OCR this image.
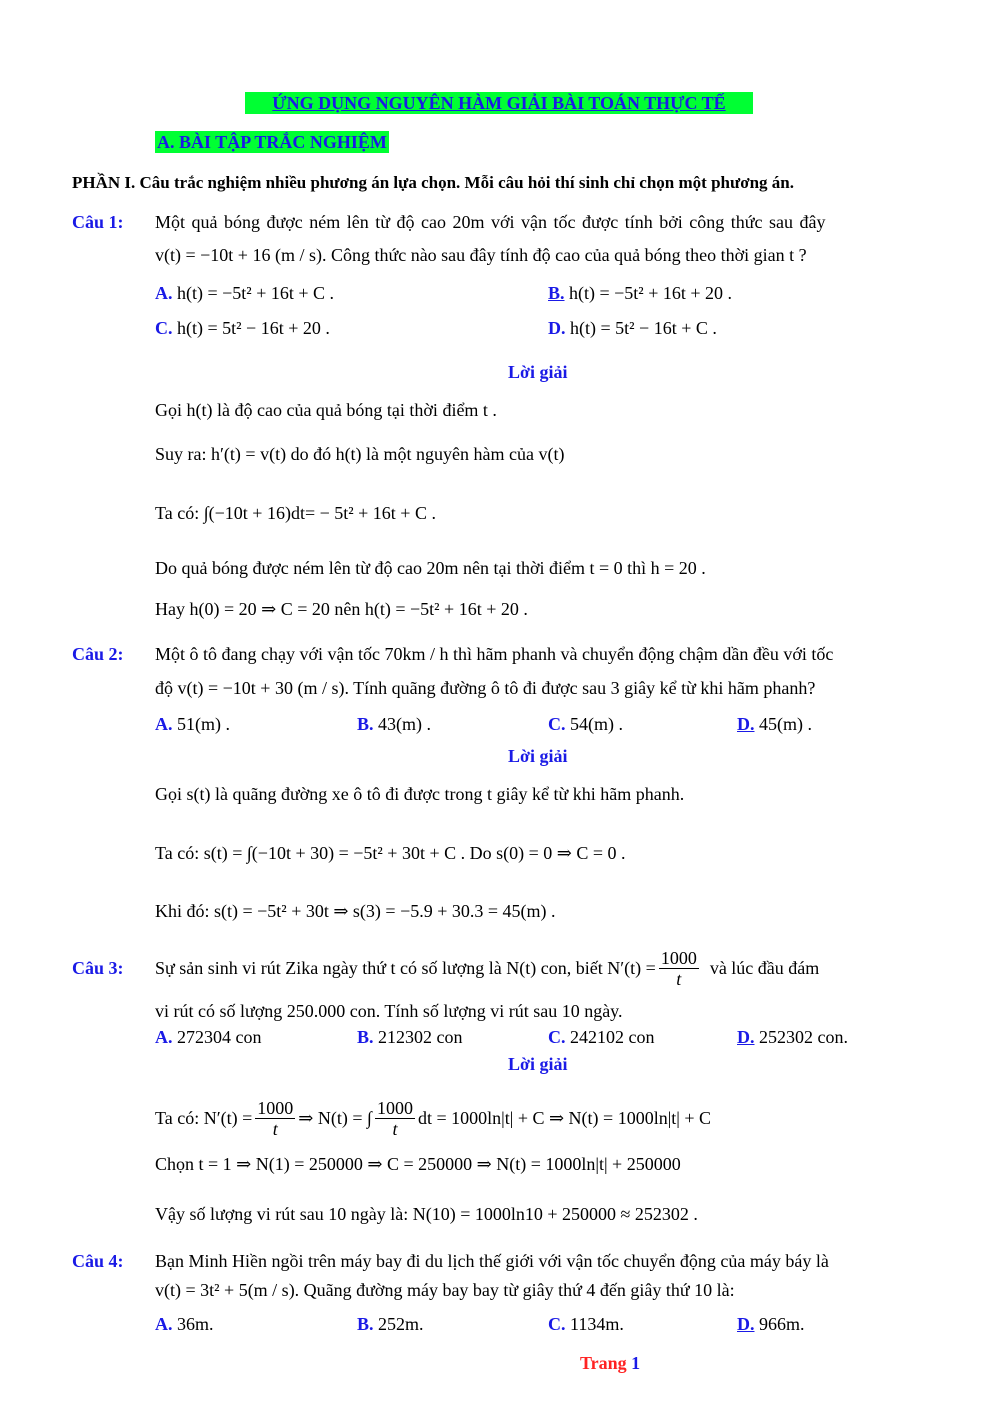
ỨNG DỤNG NGUYÊN HÀM GIẢI BÀI TOÁN THỰC TẾ
A. BÀI TẬP TRẮC NGHIỆM
PHẦN I. Câu trắc nghiệm nhiều phương án lựa chọn. Mỗi câu hỏi thí sinh chỉ chọn một phương án.
Câu 1: Một quả bóng được ném lên từ độ cao 20m với vận tốc được tính bởi công thức sau đây
v(t) = −10t + 16 (m / s). Công thức nào sau đây tính độ cao của quả bóng theo thời gian t ?
A. h(t) = −5t² + 16t + C .	B. h(t) = −5t² + 16t + 20 .
C. h(t) = 5t² − 16t + 20 .	D. h(t) = 5t² − 16t + C .
Lời giải
Gọi h(t) là độ cao của quả bóng tại thời điểm t .
Suy ra: h′(t) = v(t) do đó h(t) là một nguyên hàm của v(t)
Ta có: ∫(−10t + 16)dt= − 5t² + 16t + C .
Do quả bóng được ném lên từ độ cao 20m nên tại thời điểm t = 0 thì h = 20 .
Hay h(0) = 20 ⇒ C = 20 nên h(t) = −5t² + 16t + 20 .
Câu 2: Một ô tô đang chạy với vận tốc 70km / h thì hãm phanh và chuyển động chậm dần đều với tốc
độ v(t) = −10t + 30 (m / s). Tính quãng đường ô tô đi được sau 3 giây kể từ khi hãm phanh?
A. 51(m) .	B. 43(m) .	C. 54(m) .	D. 45(m) .
Lời giải
Gọi s(t) là quãng đường xe ô tô đi được trong t giây kể từ khi hãm phanh.
Ta có: s(t) = ∫(−10t + 30) = −5t² + 30t + C . Do s(0) = 0 ⇒ C = 0 .
Khi đó: s(t) = −5t² + 30t ⇒ s(3) = −5.9 + 30.3 = 45(m) .
Câu 3: Sự sản sinh vi rút Zika ngày thứ t có số lượng là N(t) con, biết $N'(t) = \frac{1000}{t}$ và lúc đầu đám
vi rút có số lượng 250.000 con. Tính số lượng vi rút sau 10 ngày.
A. 272304 con	B. 212302 con	C. 242102 con	D. 252302 con.
Lời giải
Ta có: $N'(t) = \frac{1000}{t}$ ⇒ N(t) = ∫ $\frac{1000}{t}$ dt = 1000ln|t| + C ⇒ N(t) = 1000ln|t| + C
Chọn t = 1 ⇒ N(1) = 250000 ⇒ C = 250000 ⇒ N(t) = 1000ln|t| + 250000
Vậy số lượng vi rút sau 10 ngày là: N(10) = 1000ln10 + 250000 ≈ 252302 .
Câu 4: Bạn Minh Hiền ngồi trên máy bay đi du lịch thế giới với vận tốc chuyển động của máy báy là
v(t) = 3t² + 5(m / s). Quãng đường máy bay bay từ giây thứ 4 đến giây thứ 10 là:
A. 36m.	B. 252m.	C. 1134m.	D. 966m.
Trang 1
